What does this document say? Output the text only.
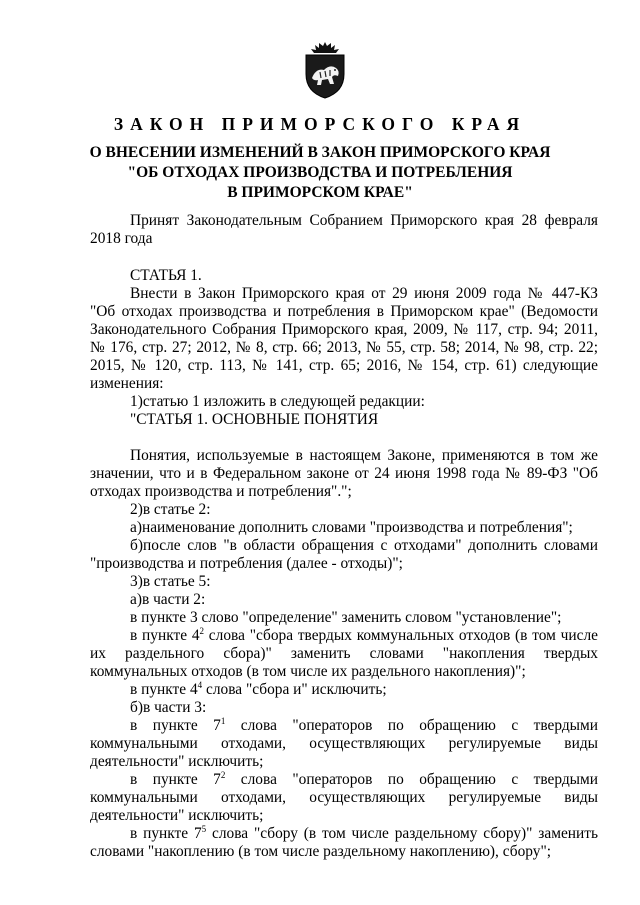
ЗАКОН ПРИМОРСКОГО КРАЯ
О ВНЕСЕНИИ ИЗМЕНЕНИЙ В ЗАКОН ПРИМОРСКОГО КРАЯ
"ОБ ОТХОДАХ ПРОИЗВОДСТВА И ПОТРЕБЛЕНИЯ
В ПРИМОРСКОМ КРАЕ"
Принят Законодательным Собранием Приморского края 28 февраля
2018 года
СТАТЬЯ 1.
Внести в Закон Приморского края от 29 июня 2009 года № 447-КЗ
"Об отходах производства и потребления в Приморском крае" (Ведомости
Законодательного Собрания Приморского края, 2009, № 117, стр. 94; 2011,
№ 176, стр. 27; 2012, № 8, стр. 66; 2013, № 55, стр. 58; 2014, № 98, стр. 22;
2015, № 120, стр. 113, № 141, стр. 65; 2016, № 154, стр. 61) следующие
изменения:
1)статью 1 изложить в следующей редакции:
"СТАТЬЯ 1. ОСНОВНЫЕ ПОНЯТИЯ
Понятия, используемые в настоящем Законе, применяются в том же
значении, что и в Федеральном законе от 24 июня 1998 года № 89-ФЗ "Об
отходах производства и потребления".";
2)в статье 2:
а)наименование дополнить словами "производства и потребления";
б)после слов "в области обращения с отходами" дополнить словами
"производства и потребления (далее - отходы)";
3)в статье 5:
а)в части 2:
в пункте 3 слово "определение" заменить словом "установление";
в пункте $4^2$ слова "сбора твердых коммунальных отходов (в том числе
их раздельного сбора)" заменить словами "накопления твердых
коммунальных отходов (в том числе их раздельного накопления)";
в пункте $4^4$ слова "сбора и" исключить;
б)в части 3:
в пункте $7^1$ слова "операторов по обращению с твердыми
коммунальными отходами, осуществляющих регулируемые виды
деятельности" исключить;
в пункте $7^2$ слова "операторов по обращению с твердыми
коммунальными отходами, осуществляющих регулируемые виды
деятельности" исключить;
в пункте $7^5$ слова "сбору (в том числе раздельному сбору)" заменить
словами "накоплению (в том числе раздельному накоплению), сбору";
